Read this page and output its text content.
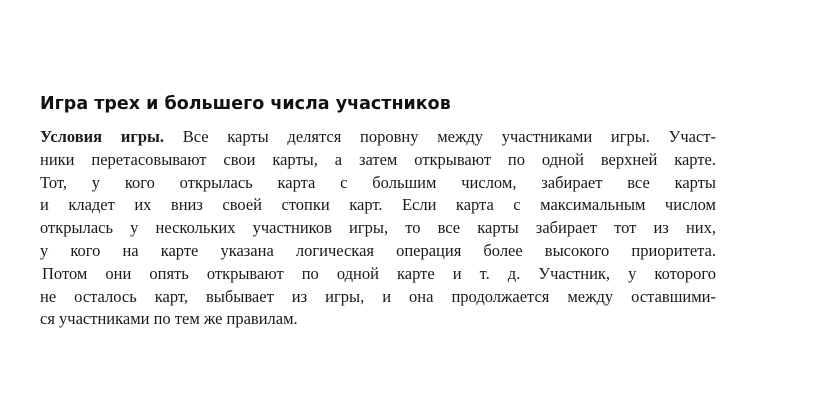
Игра трех и большего числа участников
Условия игры. Все карты делятся поровну между участниками игры. Участ-
ники перетасовывают свои карты, а затем открывают по одной верхней карте.
Тот, у кого открылась карта с большим числом, забирает все карты
и кладет их вниз своей стопки карт. Если карта с максимальным числом
открылась у нескольких участников игры, то все карты забирает тот из них,
у кого на карте указана логическая операция более высокого приоритета.
Потом они опять открывают по одной карте и т. д. Участник, у которого
не осталось карт, выбывает из игры, и она продолжается между оставшими-
ся участниками по тем же правилам.
